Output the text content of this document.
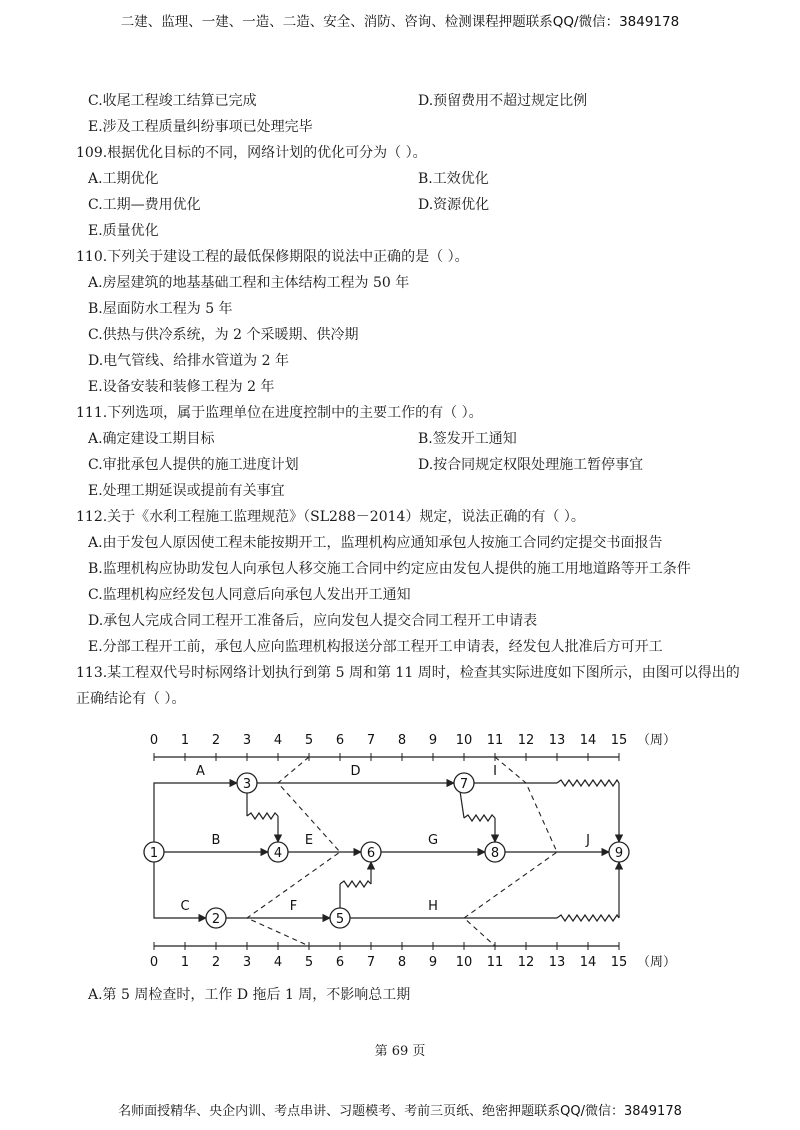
二建、监理、一建、一造、二造、安全、消防、咨询、检测课程押题联系QQ/微信：3849178
C.收尾工程竣工结算已完成	D.预留费用不超过规定比例
E.涉及工程质量纠纷事项已处理完毕
109.根据优化目标的不同，网络计划的优化可分为（ ）。
A.工期优化	B.工效优化
C.工期—费用优化	D.资源优化
E.质量优化
110.下列关于建设工程的最低保修期限的说法中正确的是（ ）。
A.房屋建筑的地基基础工程和主体结构工程为 50 年
B.屋面防水工程为 5 年
C.供热与供冷系统，为 2 个采暖期、供冷期
D.电气管线、给排水管道为 2 年
E.设备安装和装修工程为 2 年
111.下列选项，属于监理单位在进度控制中的主要工作的有（ ）。
A.确定建设工期目标	B.签发开工通知
C.审批承包人提供的施工进度计划	D.按合同规定权限处理施工暂停事宜
E.处理工期延误或提前有关事宜
112.关于《水利工程施工监理规范》（SL288－2014）规定，说法正确的有（ ）。
A.由于发包人原因使工程未能按期开工，监理机构应通知承包人按施工合同约定提交书面报告
B.监理机构应协助发包人向承包人移交施工合同中约定应由发包人提供的施工用地道路等开工条件
C.监理机构应经发包人同意后向承包人发出开工通知
D.承包人完成合同工程开工准备后，应向发包人提交合同工程开工申请表
E.分部工程开工前，承包人应向监理机构报送分部工程开工申请表，经发包人批准后方可开工
113.某工程双代号时标网络计划执行到第 5 周和第 11 周时，检查其实际进度如下图所示，由图可以得出的
正确结论有（ ）。
0 1 2 3 4 5 6 7 8 9 10 11 12 13 14 15 （周）
0 1 2 3 4 5 6 7 8 9 10 11 12 13 14 15 （周）
1
2
3
4
5
6
7
8	9
A
B
C
D
E
F
G
H
I
J
A.第 5 周检查时，工作 D 拖后 1 周，不影响总工期
第 69 页
名师面授精华、央企内训、考点串讲、习题模考、考前三页纸、绝密押题联系QQ/微信：3849178
